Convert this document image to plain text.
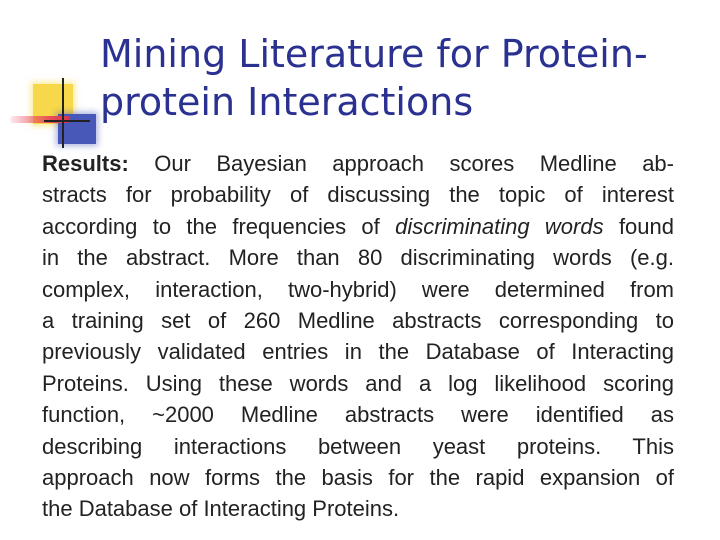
Mining Literature for Protein-
protein Interactions
Results: Our Bayesian approach scores Medline ab-
stracts for probability of discussing the topic of interest
according to the frequencies of discriminating words found
in the abstract. More than 80 discriminating words (e.g.
complex, interaction, two-hybrid) were determined from
a training set of 260 Medline abstracts corresponding to
previously validated entries in the Database of Interacting
Proteins. Using these words and a log likelihood scoring
function, ~2000 Medline abstracts were identified as
describing interactions between yeast proteins. This
approach now forms the basis for the rapid expansion of
the Database of Interacting Proteins.
